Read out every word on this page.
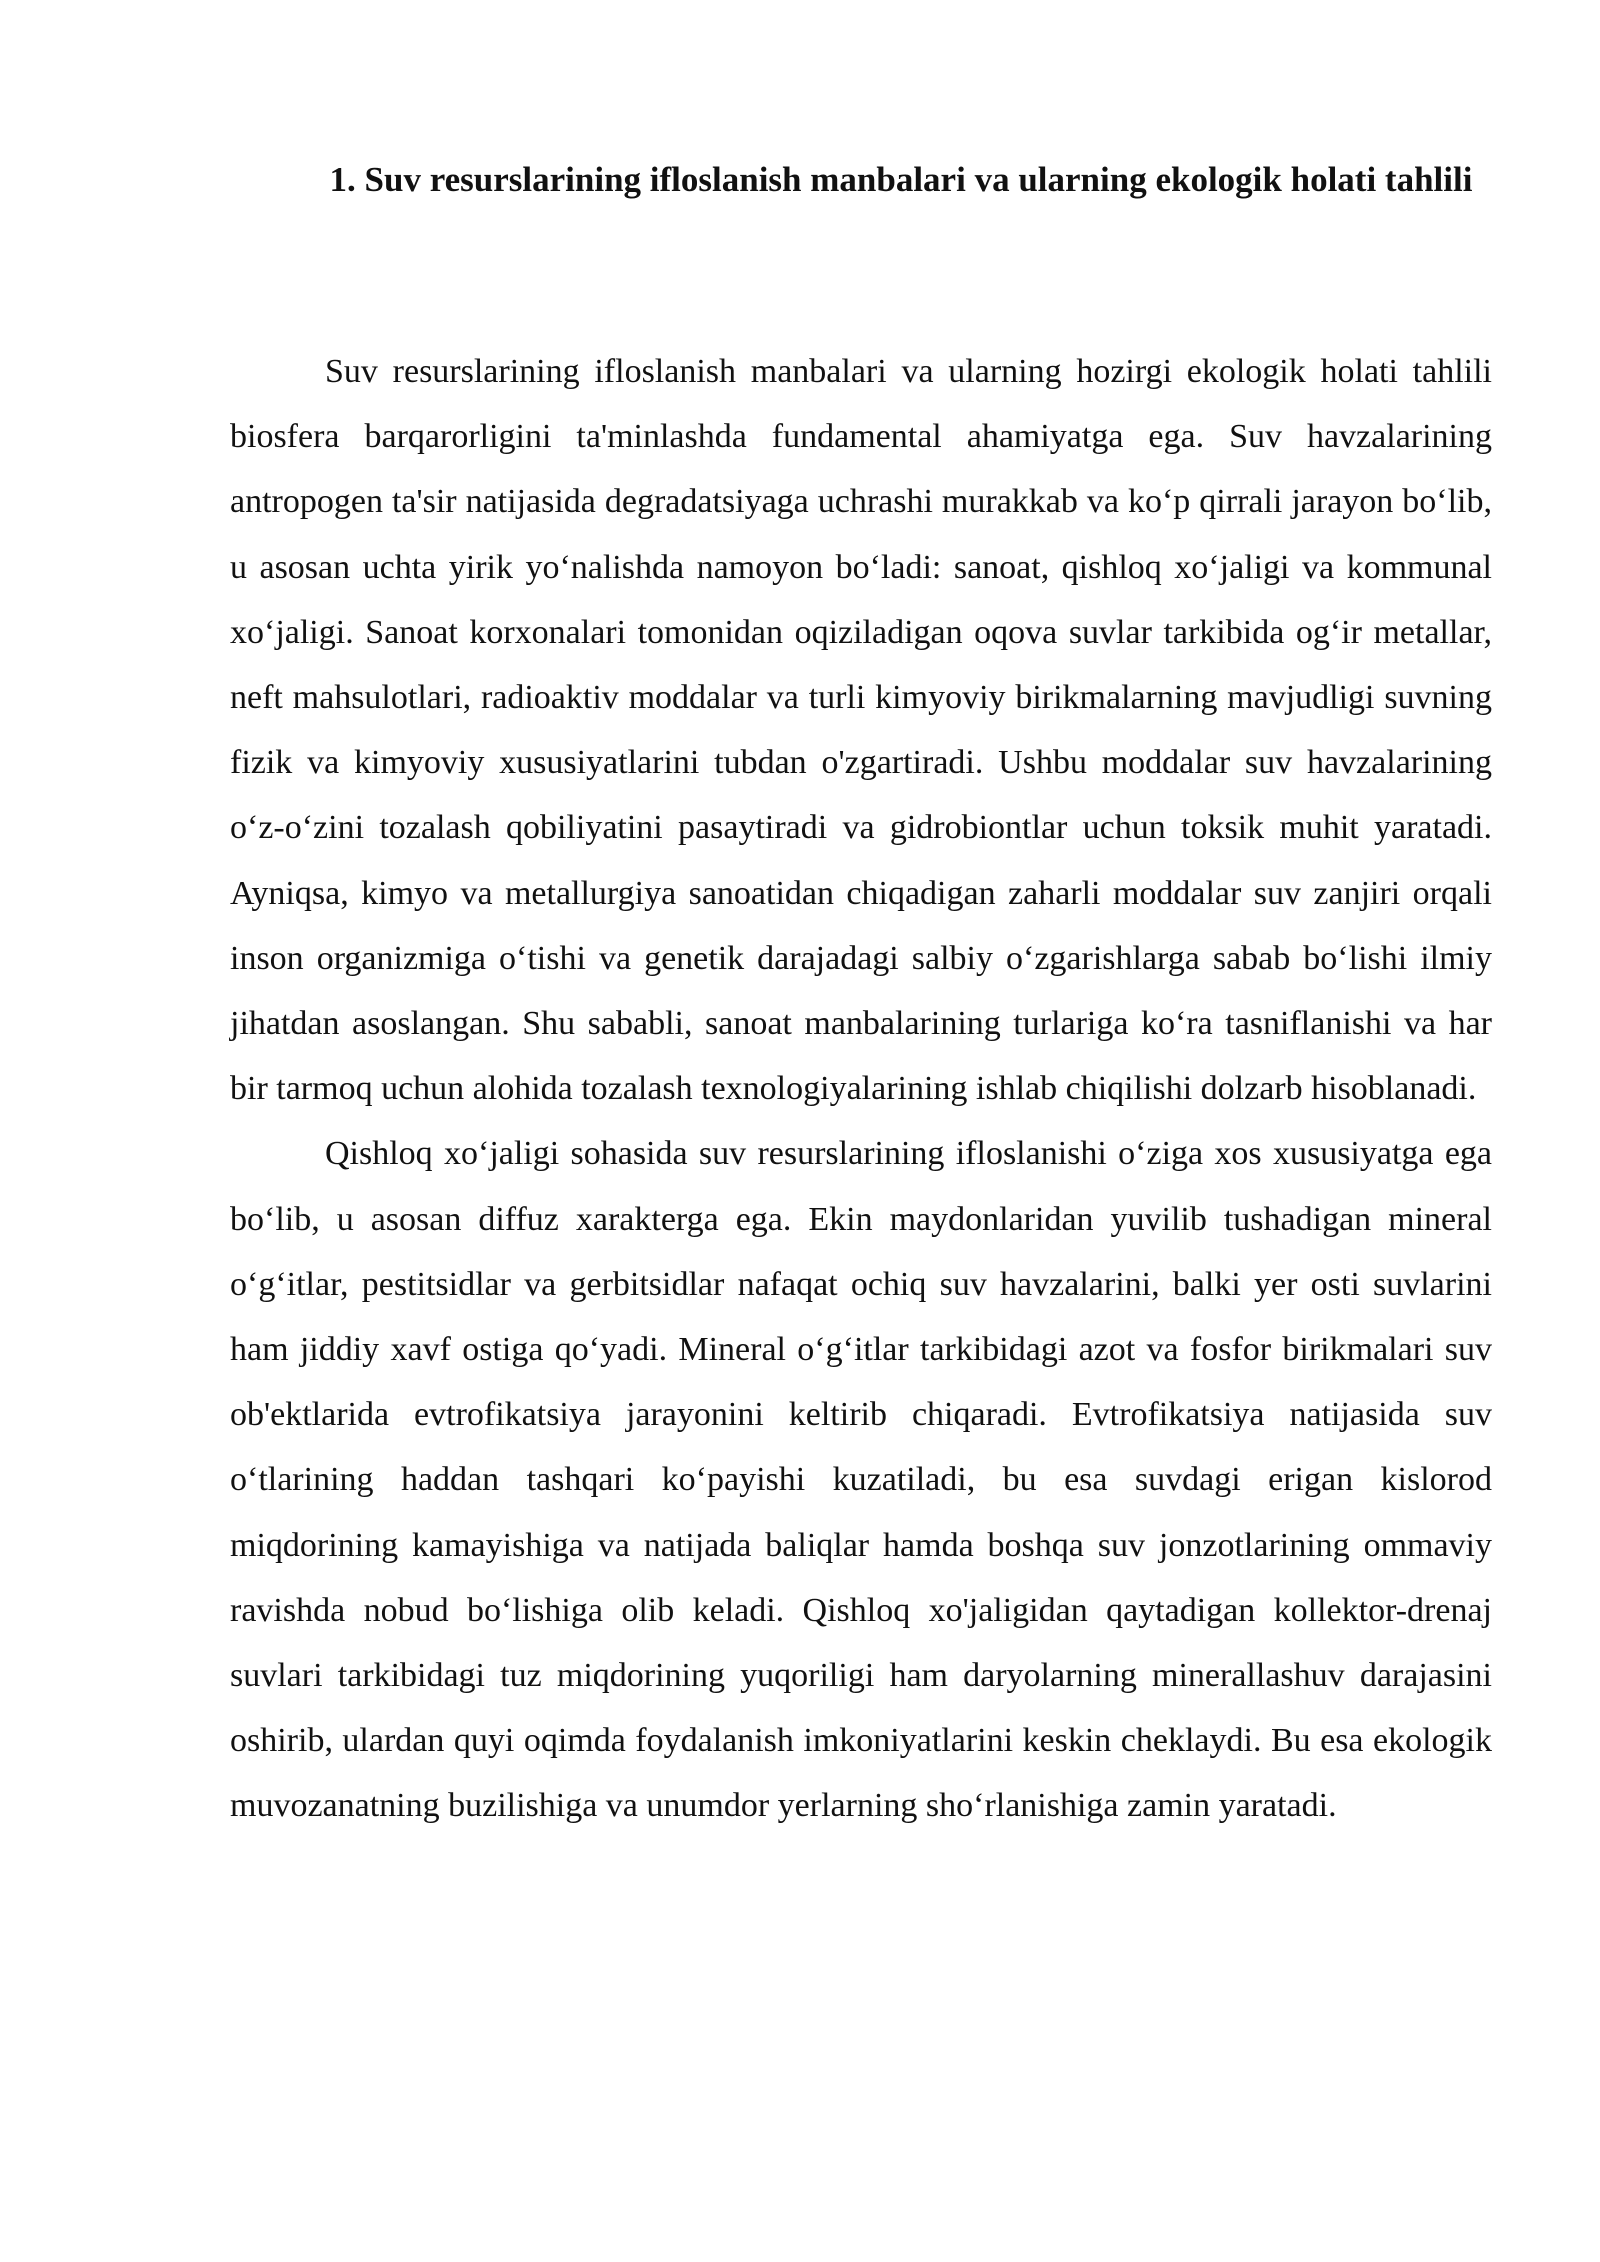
1. Suv resurslarining ifloslanish manbalari va ularning ekologik holati tahlili

Suv resurslarining ifloslanish manbalari va ularning hozirgi ekologik holati tahlili biosfera barqarorligini ta'minlashda fundamental ahamiyatga ega. Suv havzalarining antropogen ta'sir natijasida degradatsiyaga uchrashi murakkab va ko‘p qirrali jarayon bo‘lib, u asosan uchta yirik yo‘nalishda namoyon bo‘ladi: sanoat, qishloq xo‘jaligi va kommunal xo‘jaligi. Sanoat korxonalari tomonidan oqiziladigan oqova suvlar tarkibida og‘ir metallar, neft mahsulotlari, radioaktiv moddalar va turli kimyoviy birikmalarning mavjudligi suvning fizik va kimyoviy xususiyatlarini tubdan o'zgartiradi. Ushbu moddalar suv havzalarining o‘z-o‘zini tozalash qobiliyatini pasaytiradi va gidrobiontlar uchun toksik muhit yaratadi. Ayniqsa, kimyo va metallurgiya sanoatidan chiqadigan zaharli moddalar suv zanjiri orqali inson organizmiga o‘tishi va genetik darajadagi salbiy o‘zgarishlarga sabab bo‘lishi ilmiy jihatdan asoslangan. Shu sababli, sanoat manbalarining turlariga ko‘ra tasniflanishi va har bir tarmoq uchun alohida tozalash texnologiyalarining ishlab chiqilishi dolzarb hisoblanadi.

Qishloq xo‘jaligi sohasida suv resurslarining ifloslanishi o‘ziga xos xususiyatga ega bo‘lib, u asosan diffuz xarakterga ega. Ekin maydonlaridan yuvilib tushadigan mineral o‘g‘itlar, pestitsidlar va gerbitsidlar nafaqat ochiq suv havzalarini, balki yer osti suvlarini ham jiddiy xavf ostiga qo‘yadi. Mineral o‘g‘itlar tarkibidagi azot va fosfor birikmalari suv ob'ektlarida evtrofikatsiya jarayonini keltirib chiqaradi. Evtrofikatsiya natijasida suv o‘tlarining haddan tashqari ko‘payishi kuzatiladi, bu esa suvdagi erigan kislorod miqdorining kamayishiga va natijada baliqlar hamda boshqa suv jonzotlarining ommaviy ravishda nobud bo‘lishiga olib keladi. Qishloq xo'jaligidan qaytadigan kollektor-drenaj suvlari tarkibidagi tuz miqdorining yuqoriligi ham daryolarning minerallashuv darajasini oshirib, ulardan quyi oqimda foydalanish imkoniyatlarini keskin cheklaydi. Bu esa ekologik muvozanatning buzilishiga va unumdor yerlarning sho‘rlanishiga zamin yaratadi.
